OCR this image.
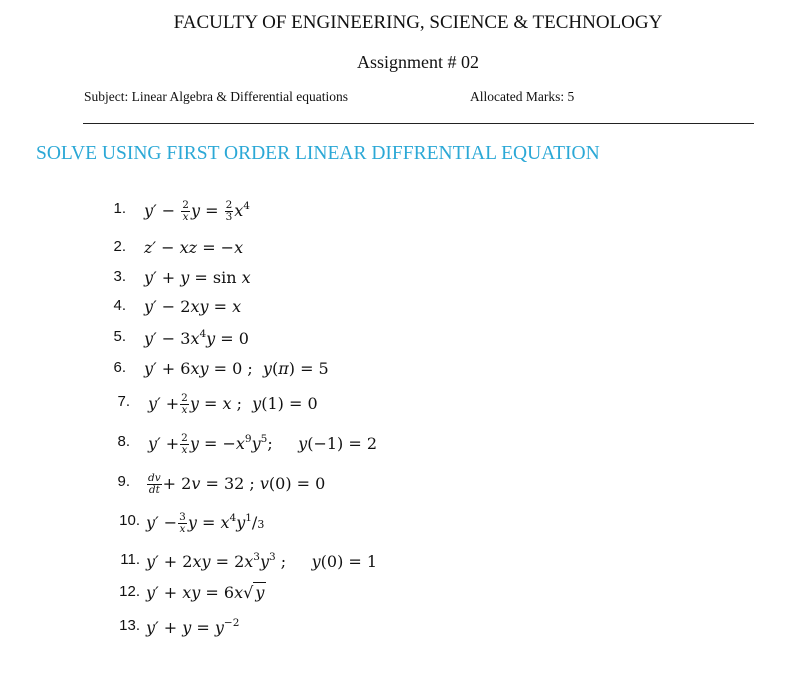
FACULTY OF ENGINEERING, SCIENCE & TECHNOLOGY
Assignment # 02
Subject: Linear Algebra & Differential equations	Allocated Marks: 5
SOLVE USING FIRST ORDER LINEAR DIFFRENTIAL EQUATION
1. $y' - \frac{2}{x}$ $y = \frac{2}{3} x^4$
2. z′ − xz = −x
3. y′ + y = sin x
4. y′ − 2xy = x
5. $y' - 3x^4y = 0$
6. y′ + 6xy = 0 ;  y(π) = 5
7. $y' + \frac{2}{x}$ y = x ;  y(1) = 0
8. $y' + \frac{2}{x}$ $y = -x^9y^5$;     y(−1) = 2
9. $\frac{dv}{dt} + 2v = 32$ ; v(0) = 0
10. $y' - \frac{3}{x}$ $y = x^4y^1/3$
11. $y' + 2xy = 2x^3y^3$ ;     y(0) = 1
12. y′ + xy = 6x√ y
13. $y' + y = y^{-2}$
